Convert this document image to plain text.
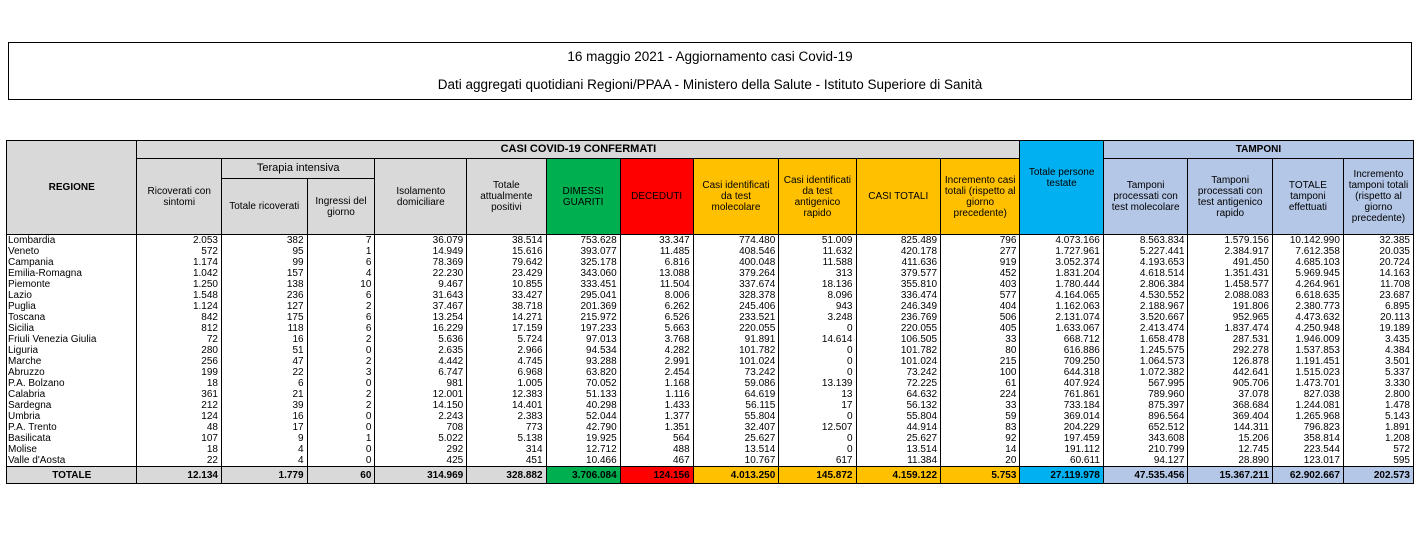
16 maggio 2021 - Aggiornamento casi Covid-19
Dati aggregati quotidiani Regioni/PPAA - Ministero della Salute - Istituto Superiore di Sanità
REGIONE	CASI COVID-19 CONFERMATI											Totale persone testate	TAMPONI			
	Ricoverati con sintomi	Terapia intensiva		Isolamento domiciliare	Totale attualmente positivi	DIMESSI GUARITI	DECEDUTI	Casi identificati da test molecolare	Casi identificati da test antigenico rapido	CASI TOTALI	Incremento casi totali (rispetto al giorno precedente)		Tamponi processati con test molecolare	Tamponi processati con test antigenico rapido	TOTALE tamponi effettuati	Incremento tamponi totali (rispetto al giorno precedente)
		Totale ricoverati	Ingressi del giorno													
Lombardia	2.053	382	7	36.079	38.514	753.628	33.347	774.480	51.009	825.489	796	4.073.166	8.563.834	1.579.156	10.142.990	32.385
Veneto	572	95	1	14.949	15.616	393.077	11.485	408.546	11.632	420.178	277	1.727.961	5.227.441	2.384.917	7.612.358	20.035
Campania	1.174	99	6	78.369	79.642	325.178	6.816	400.048	11.588	411.636	919	3.052.374	4.193.653	491.450	4.685.103	20.724
Emilia-Romagna	1.042	157	4	22.230	23.429	343.060	13.088	379.264	313	379.577	452	1.831.204	4.618.514	1.351.431	5.969.945	14.163
Piemonte	1.250	138	10	9.467	10.855	333.451	11.504	337.674	18.136	355.810	403	1.780.444	2.806.384	1.458.577	4.264.961	11.708
Lazio	1.548	236	6	31.643	33.427	295.041	8.006	328.378	8.096	336.474	577	4.164.065	4.530.552	2.088.083	6.618.635	23.687
Puglia	1.124	127	2	37.467	38.718	201.369	6.262	245.406	943	246.349	404	1.162.063	2.188.967	191.806	2.380.773	6.895
Toscana	842	175	6	13.254	14.271	215.972	6.526	233.521	3.248	236.769	506	2.131.074	3.520.667	952.965	4.473.632	20.113
Sicilia	812	118	6	16.229	17.159	197.233	5.663	220.055	0	220.055	405	1.633.067	2.413.474	1.837.474	4.250.948	19.189
Friuli Venezia Giulia	72	16	2	5.636	5.724	97.013	3.768	91.891	14.614	106.505	33	668.712	1.658.478	287.531	1.946.009	3.435
Liguria	280	51	0	2.635	2.966	94.534	4.282	101.782	0	101.782	80	616.886	1.245.575	292.278	1.537.853	4.384
Marche	256	47	2	4.442	4.745	93.288	2.991	101.024	0	101.024	215	709.250	1.064.573	126.878	1.191.451	3.501
Abruzzo	199	22	3	6.747	6.968	63.820	2.454	73.242	0	73.242	100	644.318	1.072.382	442.641	1.515.023	5.337
P.A. Bolzano	18	6	0	981	1.005	70.052	1.168	59.086	13.139	72.225	61	407.924	567.995	905.706	1.473.701	3.330
Calabria	361	21	2	12.001	12.383	51.133	1.116	64.619	13	64.632	224	761.861	789.960	37.078	827.038	2.800
Sardegna	212	39	2	14.150	14.401	40.298	1.433	56.115	17	56.132	33	733.184	875.397	368.684	1.244.081	1.478
Umbria	124	16	0	2.243	2.383	52.044	1.377	55.804	0	55.804	59	369.014	896.564	369.404	1.265.968	5.143
P.A. Trento	48	17	0	708	773	42.790	1.351	32.407	12.507	44.914	83	204.229	652.512	144.311	796.823	1.891
Basilicata	107	9	1	5.022	5.138	19.925	564	25.627	0	25.627	92	197.459	343.608	15.206	358.814	1.208
Molise	18	4	0	292	314	12.712	488	13.514	0	13.514	14	191.112	210.799	12.745	223.544	572
Valle d'Aosta	22	4	0	425	451	10.466	467	10.767	617	11.384	20	60.611	94.127	28.890	123.017	595
TOTALE	12.134	1.779	60	314.969	328.882	3.706.084	124.156	4.013.250	145.872	4.159.122	5.753	27.119.978	47.535.456	15.367.211	62.902.667	202.573
